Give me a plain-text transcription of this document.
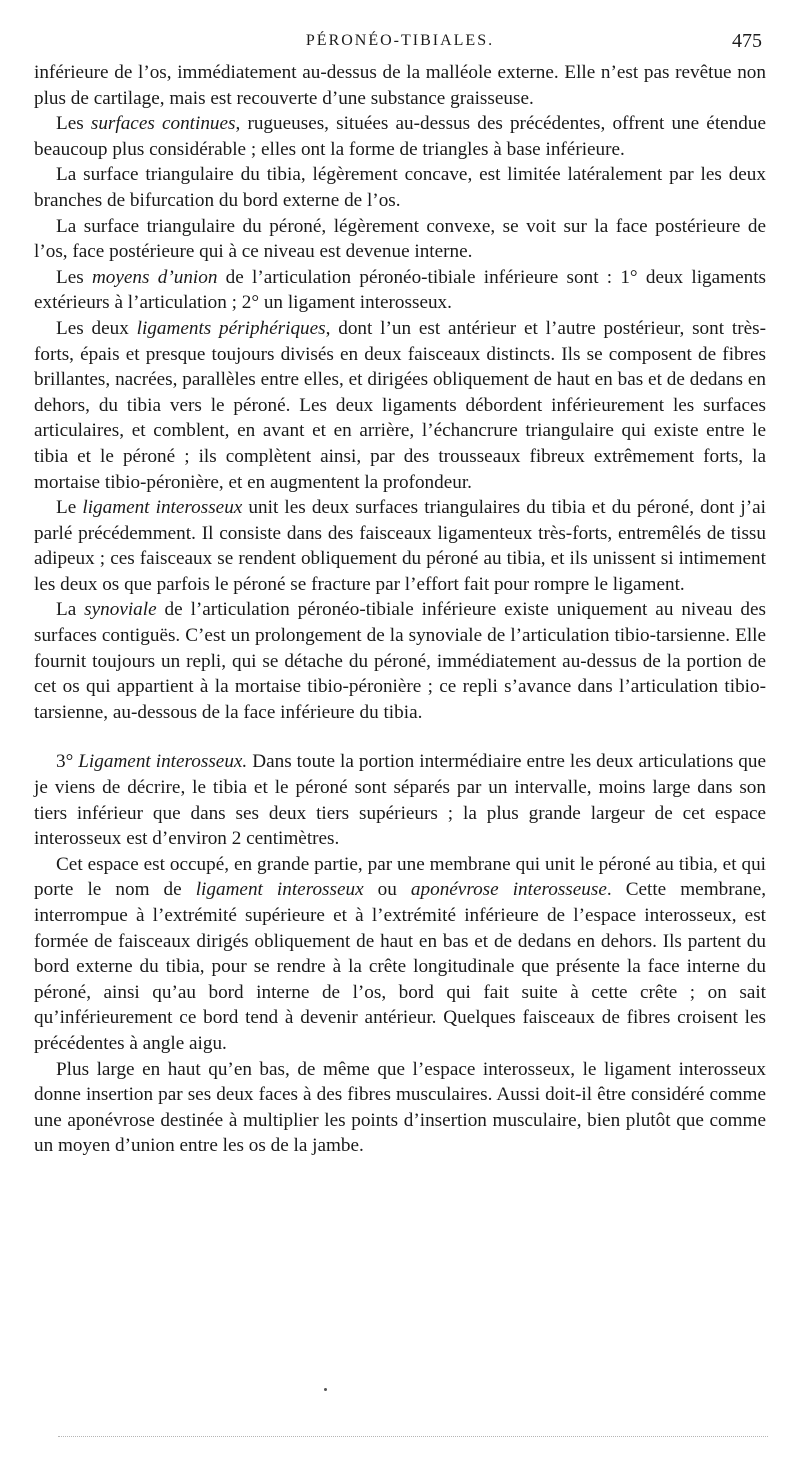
PÉRONÉO-TIBIALES.	475

inférieure de l’os, immédiatement au-dessus de la malléole externe. Elle n’est pas revêtue non plus de cartilage, mais est recouverte d’une substance graisseuse.

Les surfaces continues, rugueuses, situées au-dessus des précédentes, offrent une étendue beaucoup plus considérable ; elles ont la forme de triangles à base inférieure.

La surface triangulaire du tibia, légèrement concave, est limitée latéralement par les deux branches de bifurcation du bord externe de l’os.

La surface triangulaire du péroné, légèrement convexe, se voit sur la face postérieure de l’os, face postérieure qui à ce niveau est devenue interne.

Les moyens d’union de l’articulation péronéo-tibiale inférieure sont : 1° deux ligaments extérieurs à l’articulation ; 2° un ligament interosseux.

Les deux ligaments périphériques, dont l’un est antérieur et l’autre postérieur, sont très-forts, épais et presque toujours divisés en deux faisceaux distincts. Ils se composent de fibres brillantes, nacrées, parallèles entre elles, et dirigées obliquement de haut en bas et de dedans en dehors, du tibia vers le péroné. Les deux ligaments débordent inférieurement les surfaces articulaires, et comblent, en avant et en arrière, l’échancrure triangulaire qui existe entre le tibia et le péroné ; ils complètent ainsi, par des trousseaux fibreux extrêmement forts, la mortaise tibio-péronière, et en augmentent la profondeur.

Le ligament interosseux unit les deux surfaces triangulaires du tibia et du péroné, dont j’ai parlé précédemment. Il consiste dans des faisceaux ligamenteux très-forts, entremêlés de tissu adipeux ; ces faisceaux se rendent obliquement du péroné au tibia, et ils unissent si intimement les deux os que parfois le péroné se fracture par l’effort fait pour rompre le ligament.

La synoviale de l’articulation péronéo-tibiale inférieure existe uniquement au niveau des surfaces contiguës. C’est un prolongement de la synoviale de l’articulation tibio-tarsienne. Elle fournit toujours un repli, qui se détache du péroné, immédiatement au-dessus de la portion de cet os qui appartient à la mortaise tibio-péronière ; ce repli s’avance dans l’articulation tibio-tarsienne, au-dessous de la face inférieure du tibia.

3° Ligament interosseux. Dans toute la portion intermédiaire entre les deux articulations que je viens de décrire, le tibia et le péroné sont séparés par un intervalle, moins large dans son tiers inférieur que dans ses deux tiers supérieurs ; la plus grande largeur de cet espace interosseux est d’environ 2 centimètres.

Cet espace est occupé, en grande partie, par une membrane qui unit le péroné au tibia, et qui porte le nom de ligament interosseux ou aponévrose interosseuse. Cette membrane, interrompue à l’extrémité supérieure et à l’extrémité inférieure de l’espace interosseux, est formée de faisceaux dirigés obliquement de haut en bas et de dedans en dehors. Ils partent du bord externe du tibia, pour se rendre à la crête longitudinale que présente la face interne du péroné, ainsi qu’au bord interne de l’os, bord qui fait suite à cette crête ; on sait qu’inférieurement ce bord tend à devenir antérieur. Quelques faisceaux de fibres croisent les précédentes à angle aigu.

Plus large en haut qu’en bas, de même que l’espace interosseux, le ligament interosseux donne insertion par ses deux faces à des fibres musculaires. Aussi doit-il être considéré comme une aponévrose destinée à multiplier les points d’insertion musculaire, bien plutôt que comme un moyen d’union entre les os de la jambe.
